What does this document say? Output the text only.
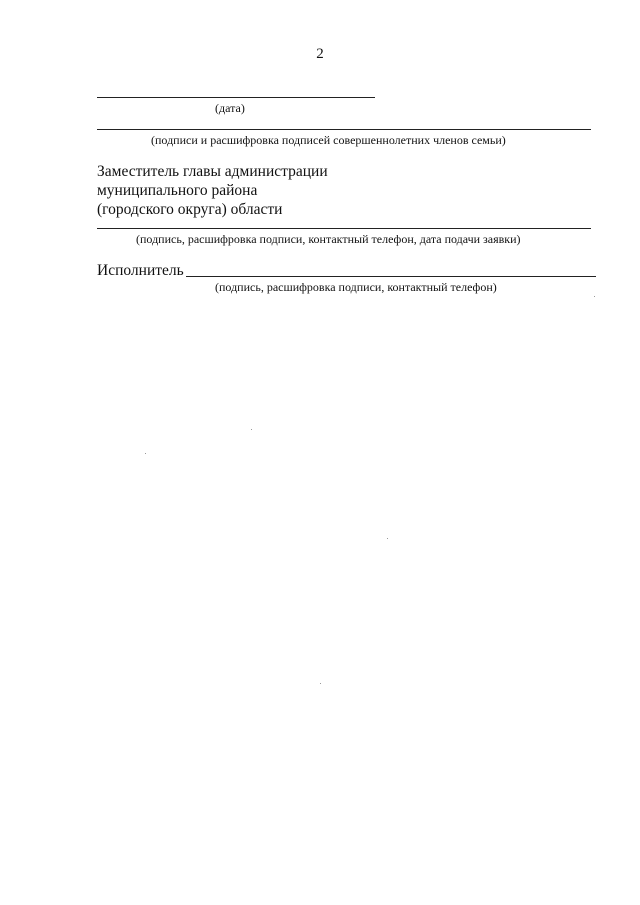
2
(дата)
(подписи и расшифровка подписей совершеннолетних членов семьи)
Заместитель главы администрации
муниципального района
(городского округа) области
(подпись, расшифровка подписи, контактный телефон, дата подачи заявки)
Исполнитель
(подпись, расшифровка подписи, контактный телефон)
